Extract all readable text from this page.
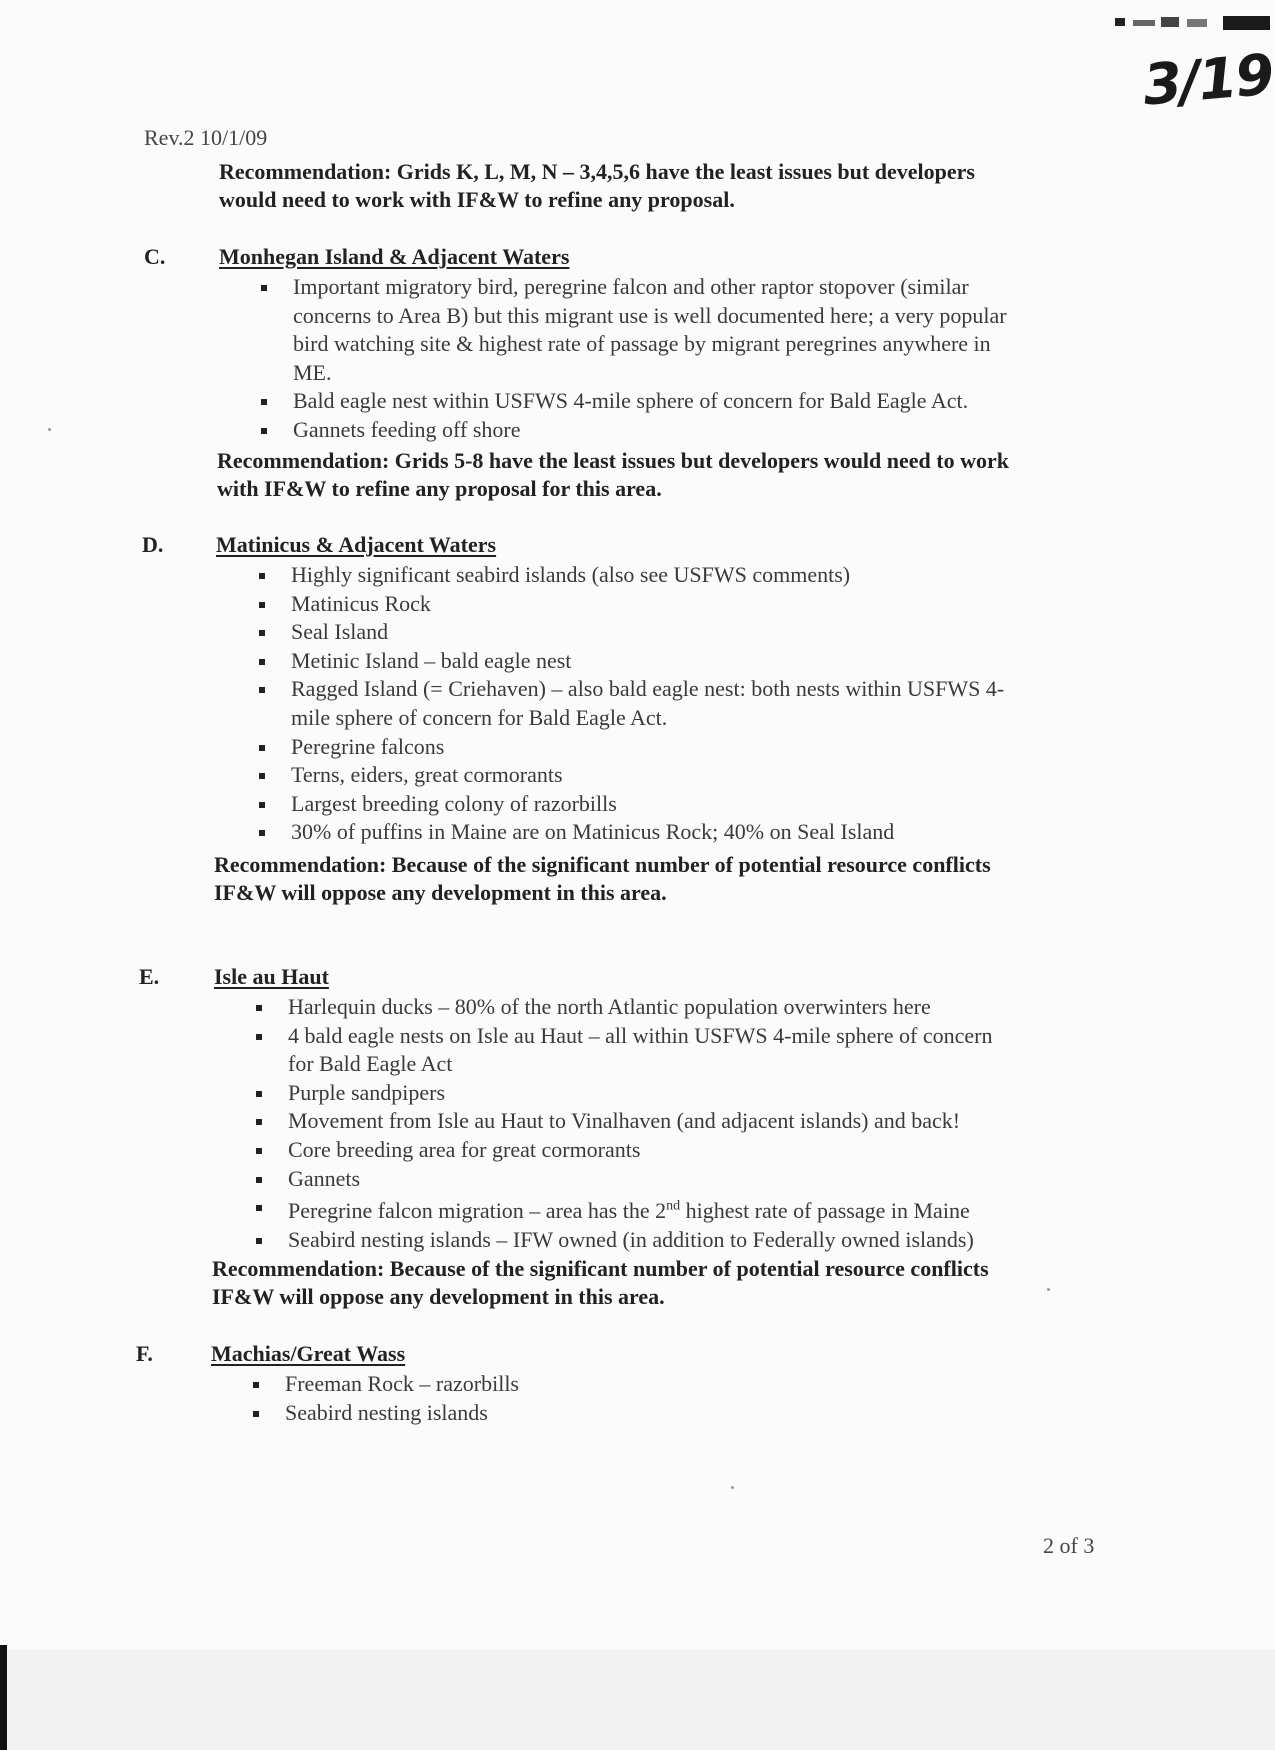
3/19
Rev.2 10/1/09
Recommendation: Grids K, L, M, N – 3,4,5,6 have the least issues but developers
would need to work with IF&W to refine any proposal.
C. Monhegan Island & Adjacent Waters
Important migratory bird, peregrine falcon and other raptor stopover (similar
concerns to Area B) but this migrant use is well documented here; a very popular
bird watching site & highest rate of passage by migrant peregrines anywhere in
ME.
Bald eagle nest within USFWS 4-mile sphere of concern for Bald Eagle Act.
Gannets feeding off shore
Recommendation: Grids 5-8 have the least issues but developers would need to work
with IF&W to refine any proposal for this area.
D. Matinicus & Adjacent Waters
Highly significant seabird islands (also see USFWS comments)
Matinicus Rock
Seal Island
Metinic Island – bald eagle nest
Ragged Island (= Criehaven) – also bald eagle nest: both nests within USFWS 4-
mile sphere of concern for Bald Eagle Act.
Peregrine falcons
Terns, eiders, great cormorants
Largest breeding colony of razorbills
30% of puffins in Maine are on Matinicus Rock; 40% on Seal Island
Recommendation: Because of the significant number of potential resource conflicts
IF&W will oppose any development in this area.
E. Isle au Haut
Harlequin ducks – 80% of the north Atlantic population overwinters here
4 bald eagle nests on Isle au Haut – all within USFWS 4-mile sphere of concern
for Bald Eagle Act
Purple sandpipers
Movement from Isle au Haut to Vinalhaven (and adjacent islands) and back!
Core breeding area for great cormorants
Gannets
Peregrine falcon migration – area has the 2nd highest rate of passage in Maine
Seabird nesting islands – IFW owned (in addition to Federally owned islands)
Recommendation: Because of the significant number of potential resource conflicts
IF&W will oppose any development in this area.
F.	Machias/Great Wass
Freeman Rock – razorbills
Seabird nesting islands
2 of 3
